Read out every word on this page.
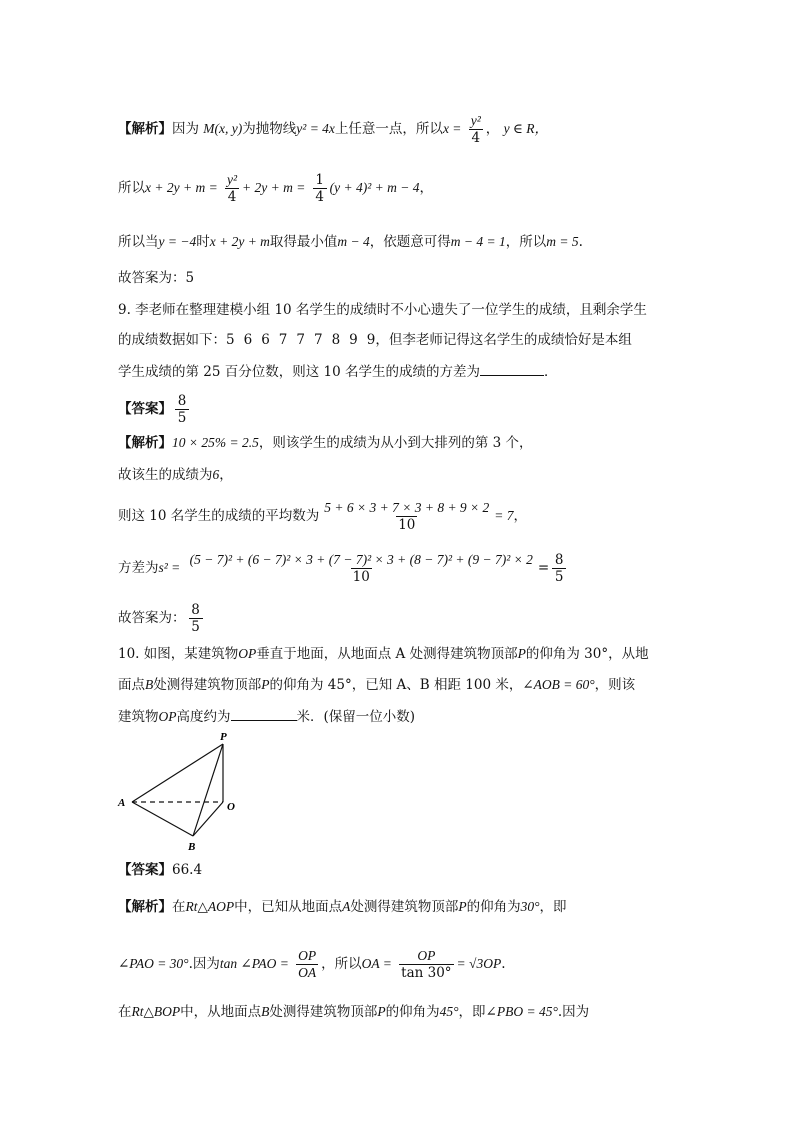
【解析】因为 M(x, y)为抛物线y² = 4x上任意一点，所以$x = \frac{\text{y²}}{4}$ ， y ∈ R，
所以$x + 2y + m = \frac{\text{y²}}{4} + 2y + m = \frac{1}{4} (y + 4)^2 + m - 4$，
所以当y = −4时x + 2y + m取得最小值m − 4，依题意可得m − 4 = 1，所以m = 5.
故答案为：5
9. 李老师在整理建模小组 10 名学生的成绩时不小心遗失了一位学生的成绩，且剩余学生
的成绩数据如下：5 6 6 7 7 7 8 9 9，但李老师记得这名学生的成绩恰好是本组
学生成绩的第 25 百分位数，则这 10 名学生的成绩的方差为	．
【答案】 $\frac{8}{5}$
【解析】10 × 25% = 2.5，则该学生的成绩为从小到大排列的第 3 个，
故该生的成绩为6，
则这 10 名学生的成绩的平均数为 $\frac{5 + 6 \times 3 + 7 \times 3 + 8 + 9 \times 2}{10} = 7$，
方差为s² =
(5 − 7)² + (6 − 7)² × 3 + (7 − 7)² × 3 + (8 − 7)² + (9 − 7)² × 2
10
= $\frac{8}{5}$
故答案为： $\frac{8}{5}$
10. 如图，某建筑物OP垂直于地面，从地面点 A 处测得建筑物顶部P的仰角为 30°，从地
面点B处测得建筑物顶部P的仰角为 45°，已知 A、B 相距 100 米，∠AOB = 60°，则该
建筑物OP高度约为	米．(保留一位小数)
P
A	O
B
【答案】66.4
【解析】在Rt△AOP中，已知从地面点A处测得建筑物顶部P的仰角为30°，即
∠PAO = 30°.因为tan ∠PAO = $\frac{OP}{OA}$ ，所以OA = $\frac{OP}{\tan 30^\circ} = √3OP$.
在Rt△BOP中，从地面点B处测得建筑物顶部P的仰角为45°，即∠PBO = 45°.因为
